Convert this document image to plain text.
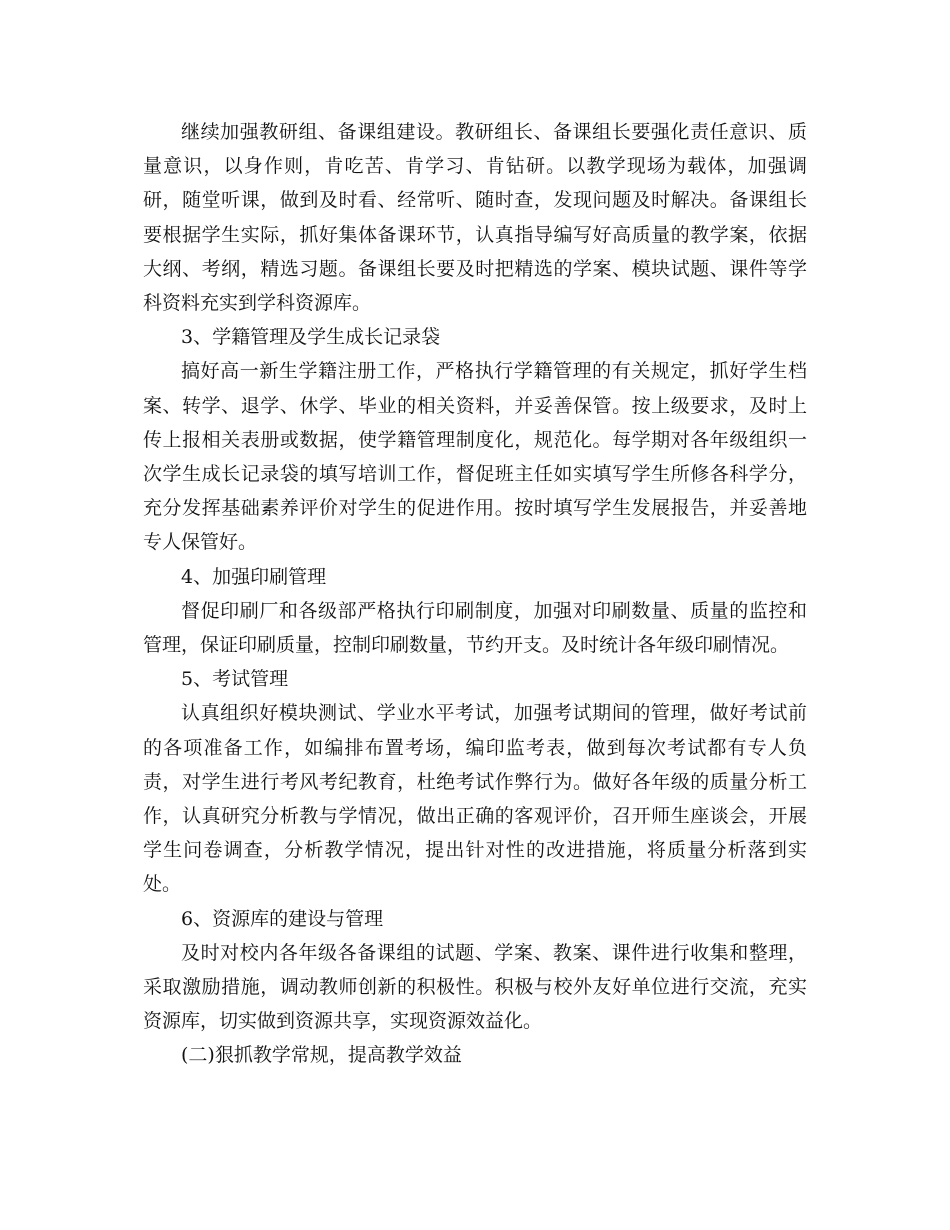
继续加强教研组、备课组建设。教研组长、备课组长要强化责任意识、质量意识，以身作则，肯吃苦、肯学习、肯钻研。以教学现场为载体，加强调研，随堂听课，做到及时看、经常听、随时查，发现问题及时解决。备课组长要根据学生实际，抓好集体备课环节，认真指导编写好高质量的教学案，依据大纲、考纲，精选习题。备课组长要及时把精选的学案、模块试题、课件等学科资料充实到学科资源库。

3、学籍管理及学生成长记录袋

搞好高一新生学籍注册工作，严格执行学籍管理的有关规定，抓好学生档案、转学、退学、休学、毕业的相关资料，并妥善保管。按上级要求，及时上传上报相关表册或数据，使学籍管理制度化，规范化。每学期对各年级组织一次学生成长记录袋的填写培训工作，督促班主任如实填写学生所修各科学分，充分发挥基础素养评价对学生的促进作用。按时填写学生发展报告，并妥善地专人保管好。

4、加强印刷管理

督促印刷厂和各级部严格执行印刷制度，加强对印刷数量、质量的监控和管理，保证印刷质量，控制印刷数量，节约开支。及时统计各年级印刷情况。

5、考试管理

认真组织好模块测试、学业水平考试，加强考试期间的管理，做好考试前的各项准备工作，如编排布置考场，编印监考表，做到每次考试都有专人负责，对学生进行考风考纪教育，杜绝考试作弊行为。做好各年级的质量分析工作，认真研究分析教与学情况，做出正确的客观评价，召开师生座谈会，开展学生问卷调查，分析教学情况，提出针对性的改进措施，将质量分析落到实处。

6、资源库的建设与管理

及时对校内各年级各备课组的试题、学案、教案、课件进行收集和整理，采取激励措施，调动教师创新的积极性。积极与校外友好单位进行交流，充实资源库，切实做到资源共享，实现资源效益化。

(二)狠抓教学常规，提高教学效益
